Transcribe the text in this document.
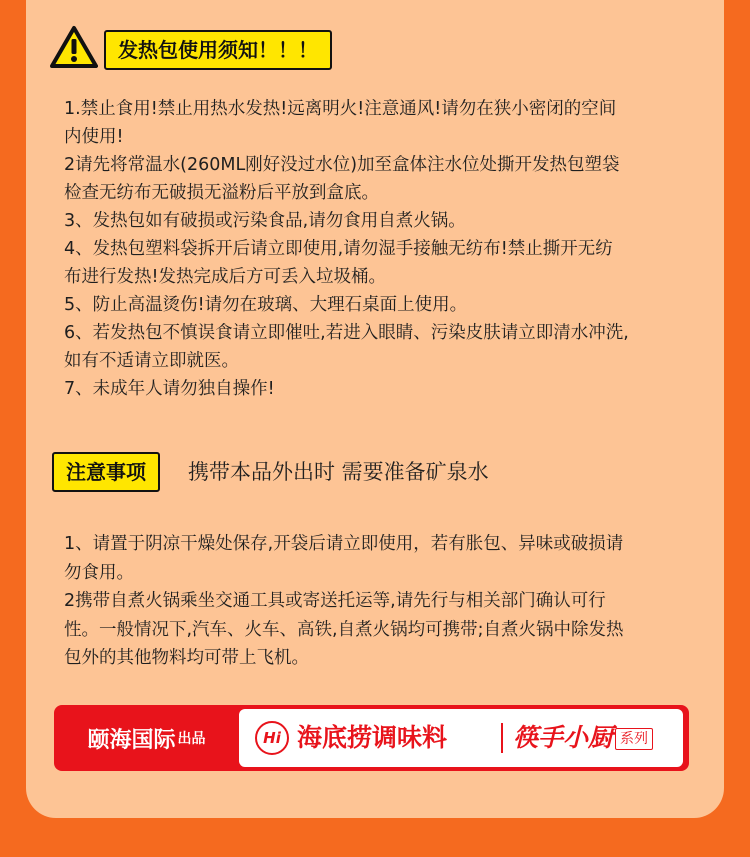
发热包使用须知！！！
1.禁止食用!禁止用热水发热!远离明火!注意通风!请勿在狭小密闭的空间
内使用!
2请先将常温水(260ML刚好没过水位)加至盒体注水位处撕开发热包塑袋
检查无纺布无破损无溢粉后平放到盒底。
3、发热包如有破损或污染食品,请勿食用自煮火锅。
4、发热包塑料袋拆开后请立即使用,请勿湿手接触无纺布!禁止撕开无纺
布进行发热!发热完成后方可丢入垃圾桶。
5、防止高温烫伤!请勿在玻璃、大理石桌面上使用。
6、若发热包不慎误食请立即催吐,若进入眼睛、污染皮肤请立即清水冲洗,
如有不适请立即就医。
7、未成年人请勿独自操作!
注意事项	携带本品外出时 需要准备矿泉水
1、请置于阴凉干燥处保存,开袋后请立即使用，若有胀包、异味或破损请
勿食用。
2携带自煮火锅乘坐交通工具或寄送托运等,请先行与相关部门确认可行
性。一般情况下,汽车、火车、高铁,自煮火锅均可携带;自煮火锅中除发热
包外的其他物料均可带上飞机。
颐海国际 出品	Hi 海底捞调味料	筷手小厨 系列
